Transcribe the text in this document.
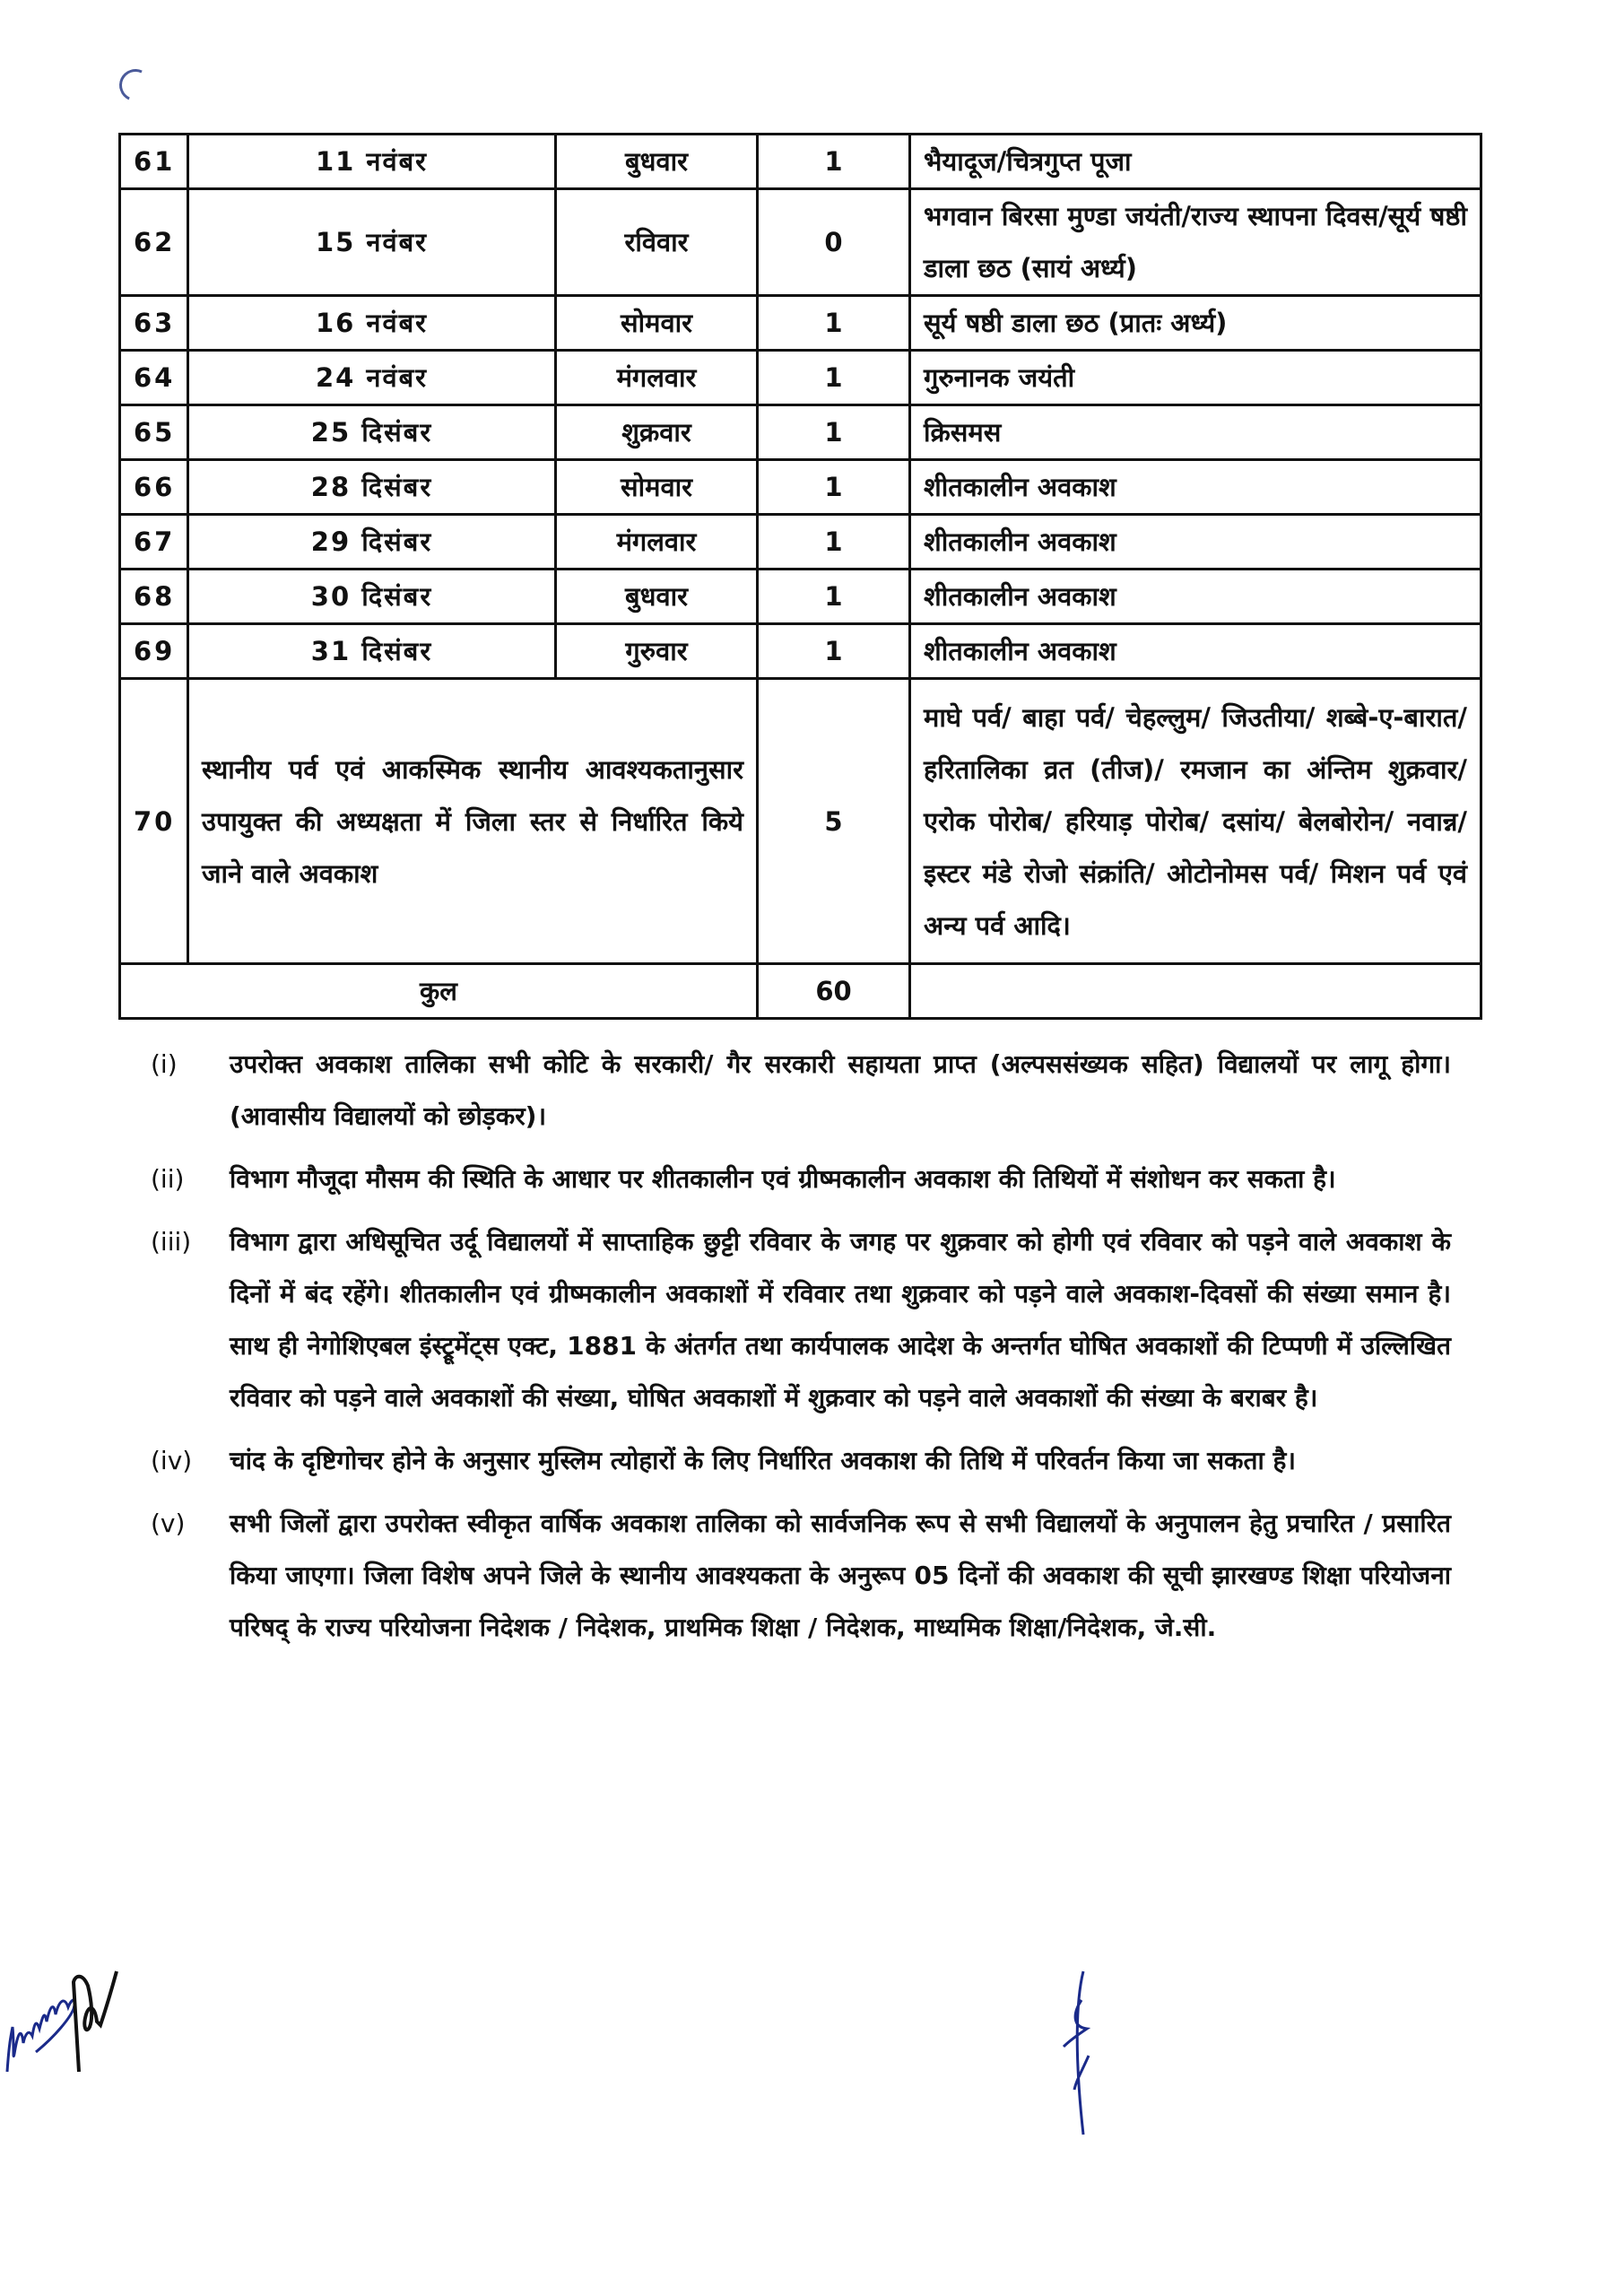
61	11 नवंबर	बुधवार	1	भैयादूज/चित्रगुप्त पूजा
62	15 नवंबर	रविवार	0	भगवान बिरसा मुण्डा जयंती/राज्य स्थापना दिवस/सूर्य षष्ठी डाला छठ (सायं अर्ध्य)
63	16 नवंबर	सोमवार	1	सूर्य षष्ठी डाला छठ (प्रातः अर्ध्य)
64	24 नवंबर	मंगलवार	1	गुरुनानक जयंती
65	25 दिसंबर	शुक्रवार	1	क्रिसमस
66	28 दिसंबर	सोमवार	1	शीतकालीन अवकाश
67	29 दिसंबर	मंगलवार	1	शीतकालीन अवकाश
68	30 दिसंबर	बुधवार	1	शीतकालीन अवकाश
69	31 दिसंबर	गुरुवार	1	शीतकालीन अवकाश
70	स्थानीय पर्व एवं आकस्मिक स्थानीय आवश्यकतानुसार उपायुक्त की अध्यक्षता में जिला स्तर से निर्धारित किये जाने वाले अवकाश		5	माघे पर्व/ बाहा पर्व/ चेहल्लुम/ जिउतीया/ शब्बे-ए-बारात/ हरितालिका व्रत (तीज)/ रमजान का अंन्तिम शुक्रवार/ एरोक पोरोब/ हरियाड़ पोरोब/ दसांय/ बेलबोरोन/ नवान्न/ इस्टर मंडे रोजो संक्रांति/ ओटोनोमस पर्व/ मिशन पर्व एवं अन्य पर्व आदि।
कुल			60	
(i)	उपरोक्त अवकाश तालिका सभी कोटि के सरकारी/ गैर सरकारी सहायता प्राप्त (अल्पससंख्यक सहित) विद्यालयों पर लागू होगा। (आवासीय विद्यालयों को छोड़कर)।
(ii)	विभाग मौजूदा मौसम की स्थिति के आधार पर शीतकालीन एवं ग्रीष्मकालीन अवकाश की तिथियों में संशोधन कर सकता है।
(iii)	विभाग द्वारा अधिसूचित उर्दू विद्यालयों में साप्ताहिक छुट्टी रविवार के जगह पर शुक्रवार को होगी एवं रविवार को पड़ने वाले अवकाश के दिनों में बंद रहेंगे। शीतकालीन एवं ग्रीष्मकालीन अवकाशों में रविवार तथा शुक्रवार को पड़ने वाले अवकाश-दिवसों की संख्या समान है। साथ ही नेगोशिएबल इंस्ट्रूमेंट्स एक्ट, 1881 के अंतर्गत तथा कार्यपालक आदेश के अन्तर्गत घोषित अवकाशों की टिप्पणी में उल्लिखित रविवार को पड़ने वाले अवकाशों की संख्या, घोषित अवकाशों में शुक्रवार को पड़ने वाले अवकाशों की संख्या के बराबर है।
(iv)	चांद के दृष्टिगोचर होने के अनुसार मुस्लिम त्योहारों के लिए निर्धारित अवकाश की तिथि में परिवर्तन किया जा सकता है।
(v)	सभी जिलों द्वारा उपरोक्त स्वीकृत वार्षिक अवकाश तालिका को सार्वजनिक रूप से सभी विद्यालयों के अनुपालन हेतु प्रचारित / प्रसारित किया जाएगा। जिला विशेष अपने जिले के स्थानीय आवश्यकता के अनुरूप 05 दिनों की अवकाश की सूची झारखण्ड शिक्षा परियोजना परिषद् के राज्य परियोजना निदेशक / निदेशक, प्राथमिक शिक्षा / निदेशक, माध्यमिक शिक्षा/निदेशक, जे.सी.
